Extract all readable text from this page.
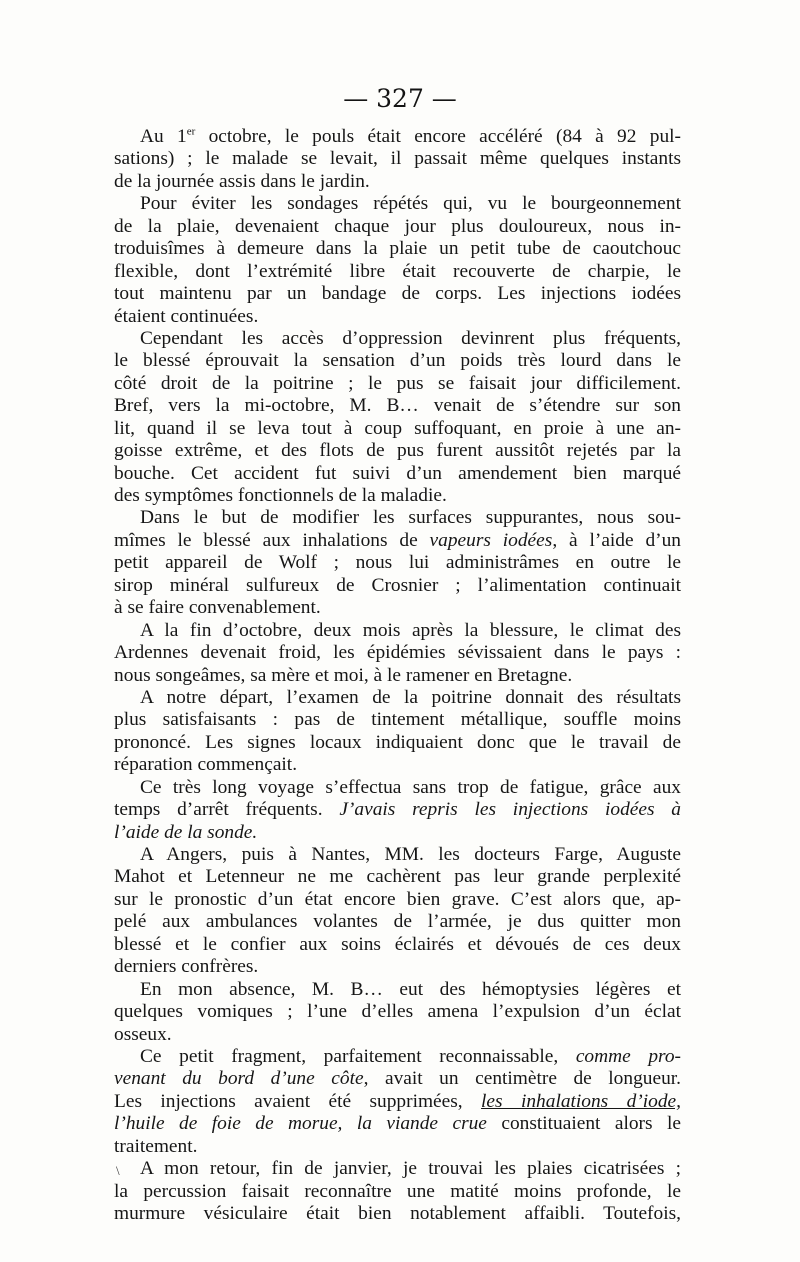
— 327 —
Au 1er octobre, le pouls était encore accéléré (84 à 92 pul-
sations) ; le malade se levait, il passait même quelques instants
de la journée assis dans le jardin.
Pour éviter les sondages répétés qui, vu le bourgeonnement
de la plaie, devenaient chaque jour plus douloureux, nous in-
troduisîmes à demeure dans la plaie un petit tube de caoutchouc
flexible, dont l’extrémité libre était recouverte de charpie, le
tout maintenu par un bandage de corps. Les injections iodées
étaient continuées.
Cependant les accès d’oppression devinrent plus fréquents,
le blessé éprouvait la sensation d’un poids très lourd dans le
côté droit de la poitrine ; le pus se faisait jour difficilement.
Bref, vers la mi-octobre, M. B… venait de s’étendre sur son
lit, quand il se leva tout à coup suffoquant, en proie à une an-
goisse extrême, et des flots de pus furent aussitôt rejetés par la
bouche. Cet accident fut suivi d’un amendement bien marqué
des symptômes fonctionnels de la maladie.
Dans le but de modifier les surfaces suppurantes, nous sou-
mîmes le blessé aux inhalations de vapeurs iodées, à l’aide d’un
petit appareil de Wolf ; nous lui administrâmes en outre le
sirop minéral sulfureux de Crosnier ; l’alimentation continuait
à se faire convenablement.
A la fin d’octobre, deux mois après la blessure, le climat des
Ardennes devenait froid, les épidémies sévissaient dans le pays :
nous songeâmes, sa mère et moi, à le ramener en Bretagne.
A notre départ, l’examen de la poitrine donnait des résultats
plus satisfaisants : pas de tintement métallique, souffle moins
prononcé. Les signes locaux indiquaient donc que le travail de
réparation commençait.
Ce très long voyage s’effectua sans trop de fatigue, grâce aux
temps d’arrêt fréquents. J’avais repris les injections iodées à
l’aide de la sonde.
A Angers, puis à Nantes, MM. les docteurs Farge, Auguste
Mahot et Letenneur ne me cachèrent pas leur grande perplexité
sur le pronostic d’un état encore bien grave. C’est alors que, ap-
pelé aux ambulances volantes de l’armée, je dus quitter mon
blessé et le confier aux soins éclairés et dévoués de ces deux
derniers confrères.
En mon absence, M. B… eut des hémoptysies légères et
quelques vomiques ; l’une d’elles amena l’expulsion d’un éclat
osseux.
Ce petit fragment, parfaitement reconnaissable, comme pro-
venant du bord d’une côte, avait un centimètre de longueur.
Les injections avaient été supprimées, les inhalations d’iode,
l’huile de foie de morue, la viande crue constituaient alors le
traitement.
A mon retour, fin de janvier, je trouvai les plaies cicatrisées ;
la percussion faisait reconnaître une matité moins profonde, le
murmure vésiculaire était bien notablement affaibli. Toutefois,
\
